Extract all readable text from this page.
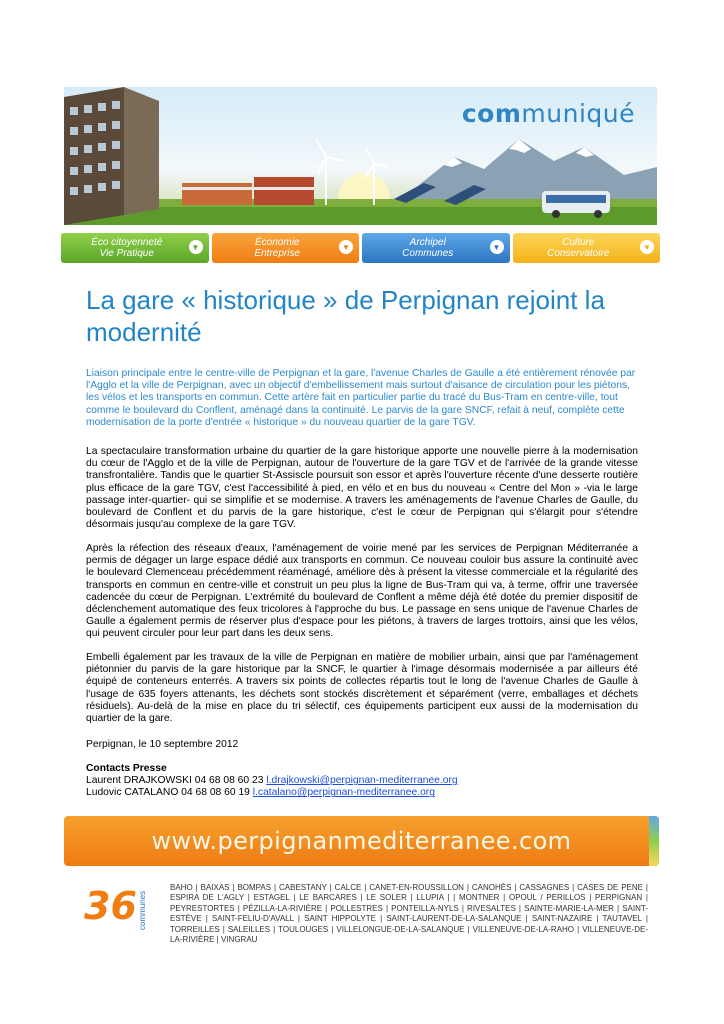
communiqué
Éco citoyenneté
Vie Pratique
▼	Économie
Entreprise
▼	Archipel
Communes
▼	Culture
Conservatoire
▼
La gare « historique » de Perpignan rejoint la modernité

Liaison principale entre le centre-ville de Perpignan et la gare, l'avenue Charles de Gaulle a été entièrement rénovée par l'Agglo et la ville de Perpignan, avec un objectif d'embellissement mais surtout d'aisance de circulation pour les piétons, les vélos et les transports en commun. Cette artère fait en particulier partie du tracé du Bus-Tram en centre-ville, tout comme le boulevard du Conflent, aménagé dans la continuité. Le parvis de la gare SNCF, refait à neuf, complète cette modernisation de la porte d'entrée « historique » du nouveau quartier de la gare TGV.

La spectaculaire transformation urbaine du quartier de la gare historique apporte une nouvelle pierre à la modernisation du cœur de l'Agglo et de la ville de Perpignan, autour de l'ouverture de la gare TGV et de l'arrivée de la grande vitesse transfrontalière. Tandis que le quartier St-Assiscle poursuit son essor et après l'ouverture récente d'une desserte routière plus efficace de la gare TGV, c'est l'accessibilité à pied, en vélo et en bus du nouveau « Centre del Mon » -via le large passage inter-quartier- qui se simplifie et se modernise. A travers les aménagements de l'avenue Charles de Gaulle, du boulevard de Conflent et du parvis de la gare historique, c'est le cœur de Perpignan qui s'élargit pour s'étendre désormais jusqu'au complexe de la gare TGV.

Après la réfection des réseaux d'eaux, l'aménagement de voirie mené par les services de Perpignan Méditerranée a permis de dégager un large espace dédié aux transports en commun. Ce nouveau couloir bus assure la continuité avec le boulevard Clemenceau précédemment réaménagé, améliore dès à présent la vitesse commerciale et la régularité des transports en commun en centre-ville et construit un peu plus la ligne de Bus-Tram qui va, à terme, offrir une traversée cadencée du cœur de Perpignan. L'extrémité du boulevard de Conflent a même déjà été dotée du premier dispositif de déclenchement automatique des feux tricolores à l'approche du bus. Le passage en sens unique de l'avenue Charles de Gaulle a également permis de réserver plus d'espace pour les piétons, à travers de larges trottoirs, ainsi que les vélos, qui peuvent circuler pour leur part dans les deux sens.

Embelli également par les travaux de la ville de Perpignan en matière de mobilier urbain, ainsi que par l'aménagement piétonnier du parvis de la gare historique par la SNCF, le quartier à l'image désormais modernisée a par ailleurs été équipé de conteneurs enterrés. A travers six points de collectes répartis tout le long de l'avenue Charles de Gaulle à l'usage de 635 foyers attenants, les déchets sont stockés discrètement et séparément (verre, emballages et déchets résiduels). Au-delà de la mise en place du tri sélectif, ces équipements participent eux aussi de la modernisation du quartier de la gare.

Perpignan, le 10 septembre 2012

Contacts Presse
Laurent DRAJKOWSKI 04 68 08 60 23 l.drajkowski@perpignan-mediterranee.org
Ludovic CATALANO 04 68 08 60 19 l.catalano@perpignan-mediterranee.org
www.perpignanmediterranee.com
36 communes

BAHO | BAIXAS | BOMPAS | CABESTANY | CALCE | CANET-EN-ROUSSILLON | CANOHÈS | CASSAGNES | CASES DE PENE | ESPIRA DE L'AGLY | ESTAGEL | LE BARCARES | LE SOLER | LLUPIA | | MONTNER | OPOUL / PERILLOS | PERPIGNAN | PEYRESTORTES | PÉZILLA-LA-RIVIÈRE | POLLESTRES | PONTEILLA-NYLS | RIVESALTES | SAINTE-MARIE-LA-MER | SAINT-ESTÈVE | SAINT-FELIU-D'AVALL | SAINT HIPPOLYTE | SAINT-LAURENT-DE-LA-SALANQUE | SAINT-NAZAIRE | TAUTAVEL | TORREILLES | SALEILLES | TOULOUGES | VILLELONGUE-DE-LA-SALANQUE | VILLENEUVE-DE-LA-RAHO | VILLENEUVE-DE-LA-RIVIÈRE | VINGRAU
